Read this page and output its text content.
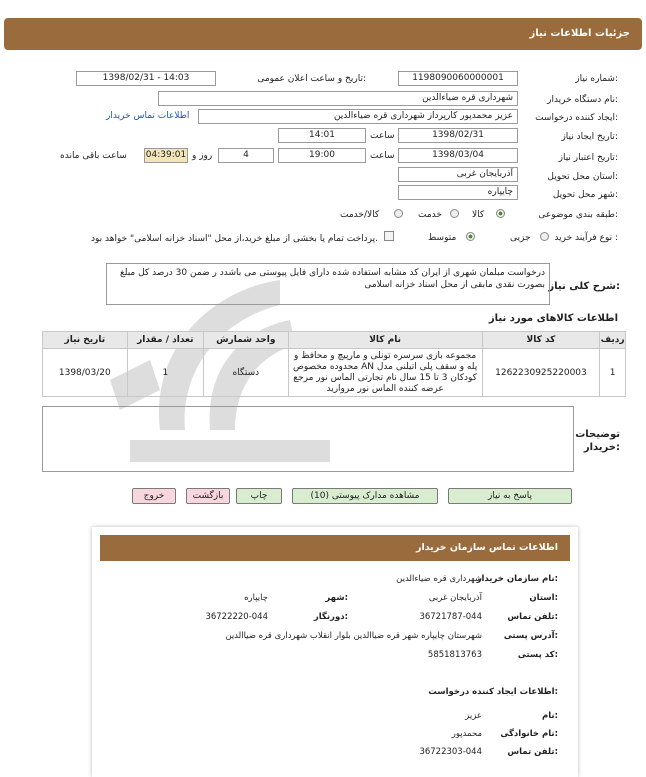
جزئیات اطلاعات نیاز
شماره نیاز:
1198090060000001
تاریخ و ساعت اعلان عمومی:
1398/02/31 - 14:03
نام دستگاه خریدار:
شهرداری قره ضیاءالدین
ایجاد کننده درخواست:
عزیز محمدپور کارپرداز شهرداری قره ضیاءالدین
اطلاعات تماس خریدار
تاریخ ایجاد نیاز:
1398/02/31
ساعت
14:01
تاریخ اعتبار نیاز:
1398/03/04
ساعت
19:00
4
روز و
04:39:01
ساعت باقی مانده
استان محل تحویل:
آذربایجان غربی
شهر محل تحویل:
چایپاره
طبقه بندی موضوعی:
کالا
خدمت
کالا/خدمت
نوع فرآیند خرید :
جزیی
متوسط
پرداخت تمام یا بخشی از مبلغ خرید،از محل "اسناد خزانه اسلامی" خواهد بود.
شرح کلی نیاز:
درخواست مبلمان شهری از ایران کد مشابه استفاده شده دارای فایل پیوستی می باشدد ر ضمن 30 درصد کل مبلغ بصورت نقدی مابقی از محل اسناد خزانه اسلامی
اطلاعات کالاهای مورد نیاز
تاریخ نیاز	تعداد / مقدار	واحد شمارش	نام کالا	کد کالا	ردیف
1398/03/20	1	دستگاه	مجموعه بازی سرسره تونلی و مارپیچ و محافظ و پله و سقف پلی اتیلنی مدل AN محدوده مخصوص کودکان 3 تا 15 سال نام تجارتی الماس نور مرجع عرضه کننده الماس نور مروارید	1262230925220003	1
توضیحات خریدار:
پاسخ به نیاز
مشاهده مدارک پیوستی (10)
چاپ
بازگشت
خروج
اطلاعات تماس سازمان خریدار
نام سازمان خریدار:
شهرداری قره ضیاءالدین
استان:
آذربایجان غربی
شهر:
چایپاره
تلفن تماس:
36721787-044
دورنگار:
36722220-044
آدرس پستی:
شهرستان چایپاره شهر قره ضیاالدین بلوار انقلاب شهرداری قره ضیاالدین
کد پستی:
5851813763
اطلاعات ایجاد کننده درخواست:
نام:
عزیز
نام خانوادگی:
محمدپور
تلفن تماس:
36722303-044
